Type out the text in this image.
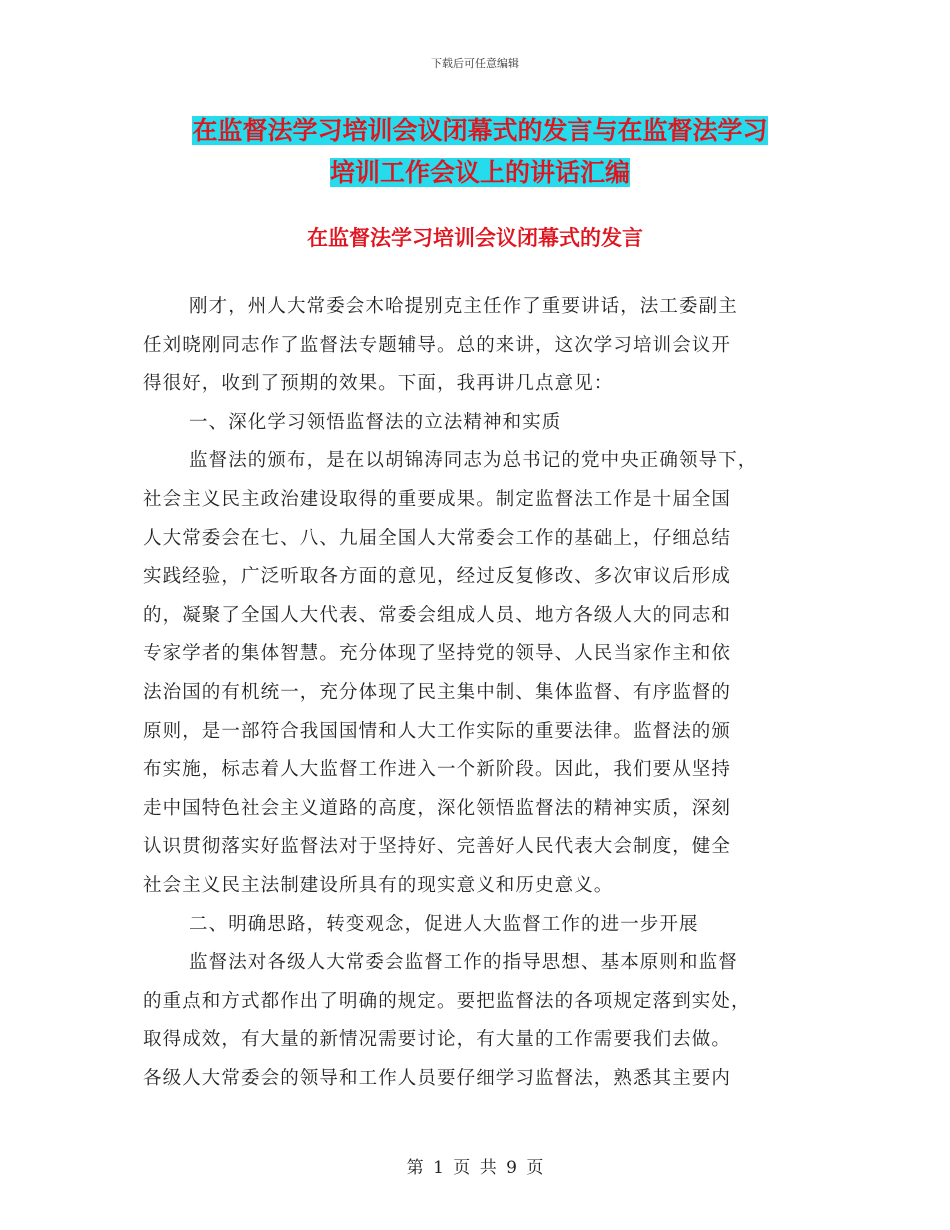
下载后可任意编辑
在监督法学习培训会议闭幕式的发言与在监督法学习
培训工作会议上的讲话汇编
在监督法学习培训会议闭幕式的发言
刚才，州人大常委会木哈提别克主任作了重要讲话，法工委副主
任刘晓刚同志作了监督法专题辅导。总的来讲，这次学习培训会议开
得很好，收到了预期的效果。下面，我再讲几点意见：
一、深化学习领悟监督法的立法精神和实质
监督法的颁布，是在以胡锦涛同志为总书记的党中央正确领导下，
社会主义民主政治建设取得的重要成果。制定监督法工作是十届全国
人大常委会在七、八、九届全国人大常委会工作的基础上，仔细总结
实践经验，广泛听取各方面的意见，经过反复修改、多次审议后形成
的，凝聚了全国人大代表、常委会组成人员、地方各级人大的同志和
专家学者的集体智慧。充分体现了坚持党的领导、人民当家作主和依
法治国的有机统一，充分体现了民主集中制、集体监督、有序监督的
原则，是一部符合我国国情和人大工作实际的重要法律。监督法的颁
布实施，标志着人大监督工作进入一个新阶段。因此，我们要从坚持
走中国特色社会主义道路的高度，深化领悟监督法的精神实质，深刻
认识贯彻落实好监督法对于坚持好、完善好人民代表大会制度，健全
社会主义民主法制建设所具有的现实意义和历史意义。
二、明确思路，转变观念，促进人大监督工作的进一步开展
监督法对各级人大常委会监督工作的指导思想、基本原则和监督
的重点和方式都作出了明确的规定。要把监督法的各项规定落到实处，
取得成效，有大量的新情况需要讨论，有大量的工作需要我们去做。
各级人大常委会的领导和工作人员要仔细学习监督法，熟悉其主要内
第 1 页 共 9 页
